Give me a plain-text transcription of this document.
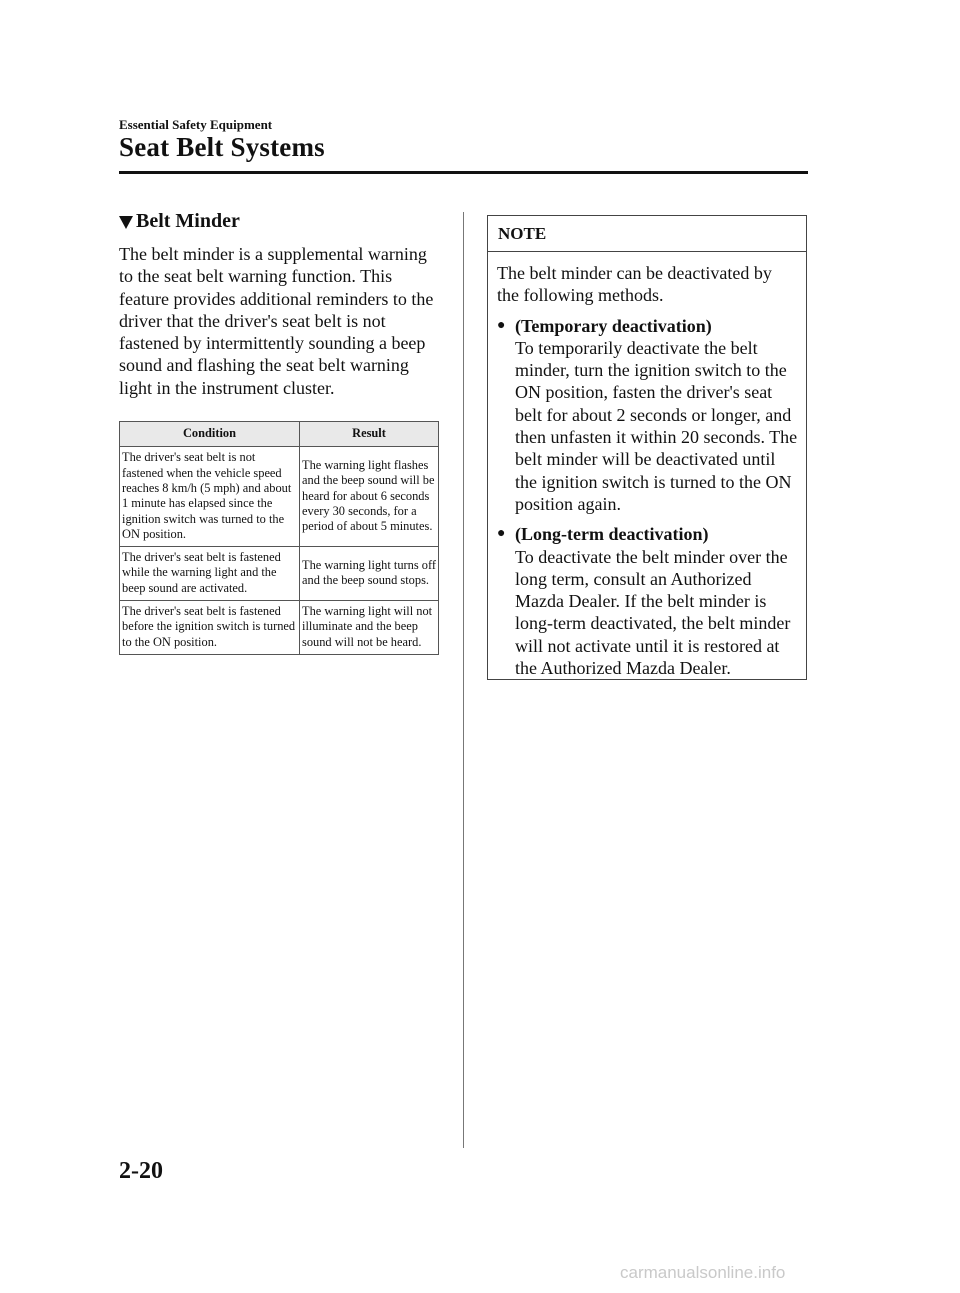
Essential Safety Equipment
Seat Belt Systems
Belt Minder

The belt minder is a supplemental warning to the seat belt warning function. This feature provides additional reminders to the driver that the driver's seat belt is not fastened by intermittently sounding a beep sound and flashing the seat belt warning light in the instrument cluster.

Condition	Result
The driver's seat belt is not fastened when the vehicle speed reaches 8 km/h (5 mph) and about 1 minute has elapsed since the ignition switch was turned to the ON position.	The warning light flashes and the beep sound will be heard for about 6 seconds every 30 seconds, for a period of about 5 minutes.
The driver's seat belt is fastened while the warning light and the beep sound are activated.	The warning light turns off and the beep sound stops.
The driver's seat belt is fastened before the ignition switch is turned to the ON position.	The warning light will not illuminate and the beep sound will not be heard.
NOTE

The belt minder can be deactivated by the following methods.

● (Temporary deactivation)
To temporarily deactivate the belt minder, turn the ignition switch to the ON position, fasten the driver's seat belt for about 2 seconds or longer, and then unfasten it within 20 seconds. The belt minder will be deactivated until the ignition switch is turned to the ON position again.
● (Long-term deactivation)
To deactivate the belt minder over the long term, consult an Authorized Mazda Dealer. If the belt minder is long-term deactivated, the belt minder will not activate until it is restored at the Authorized Mazda Dealer.
2-20
carmanualsonline.info
